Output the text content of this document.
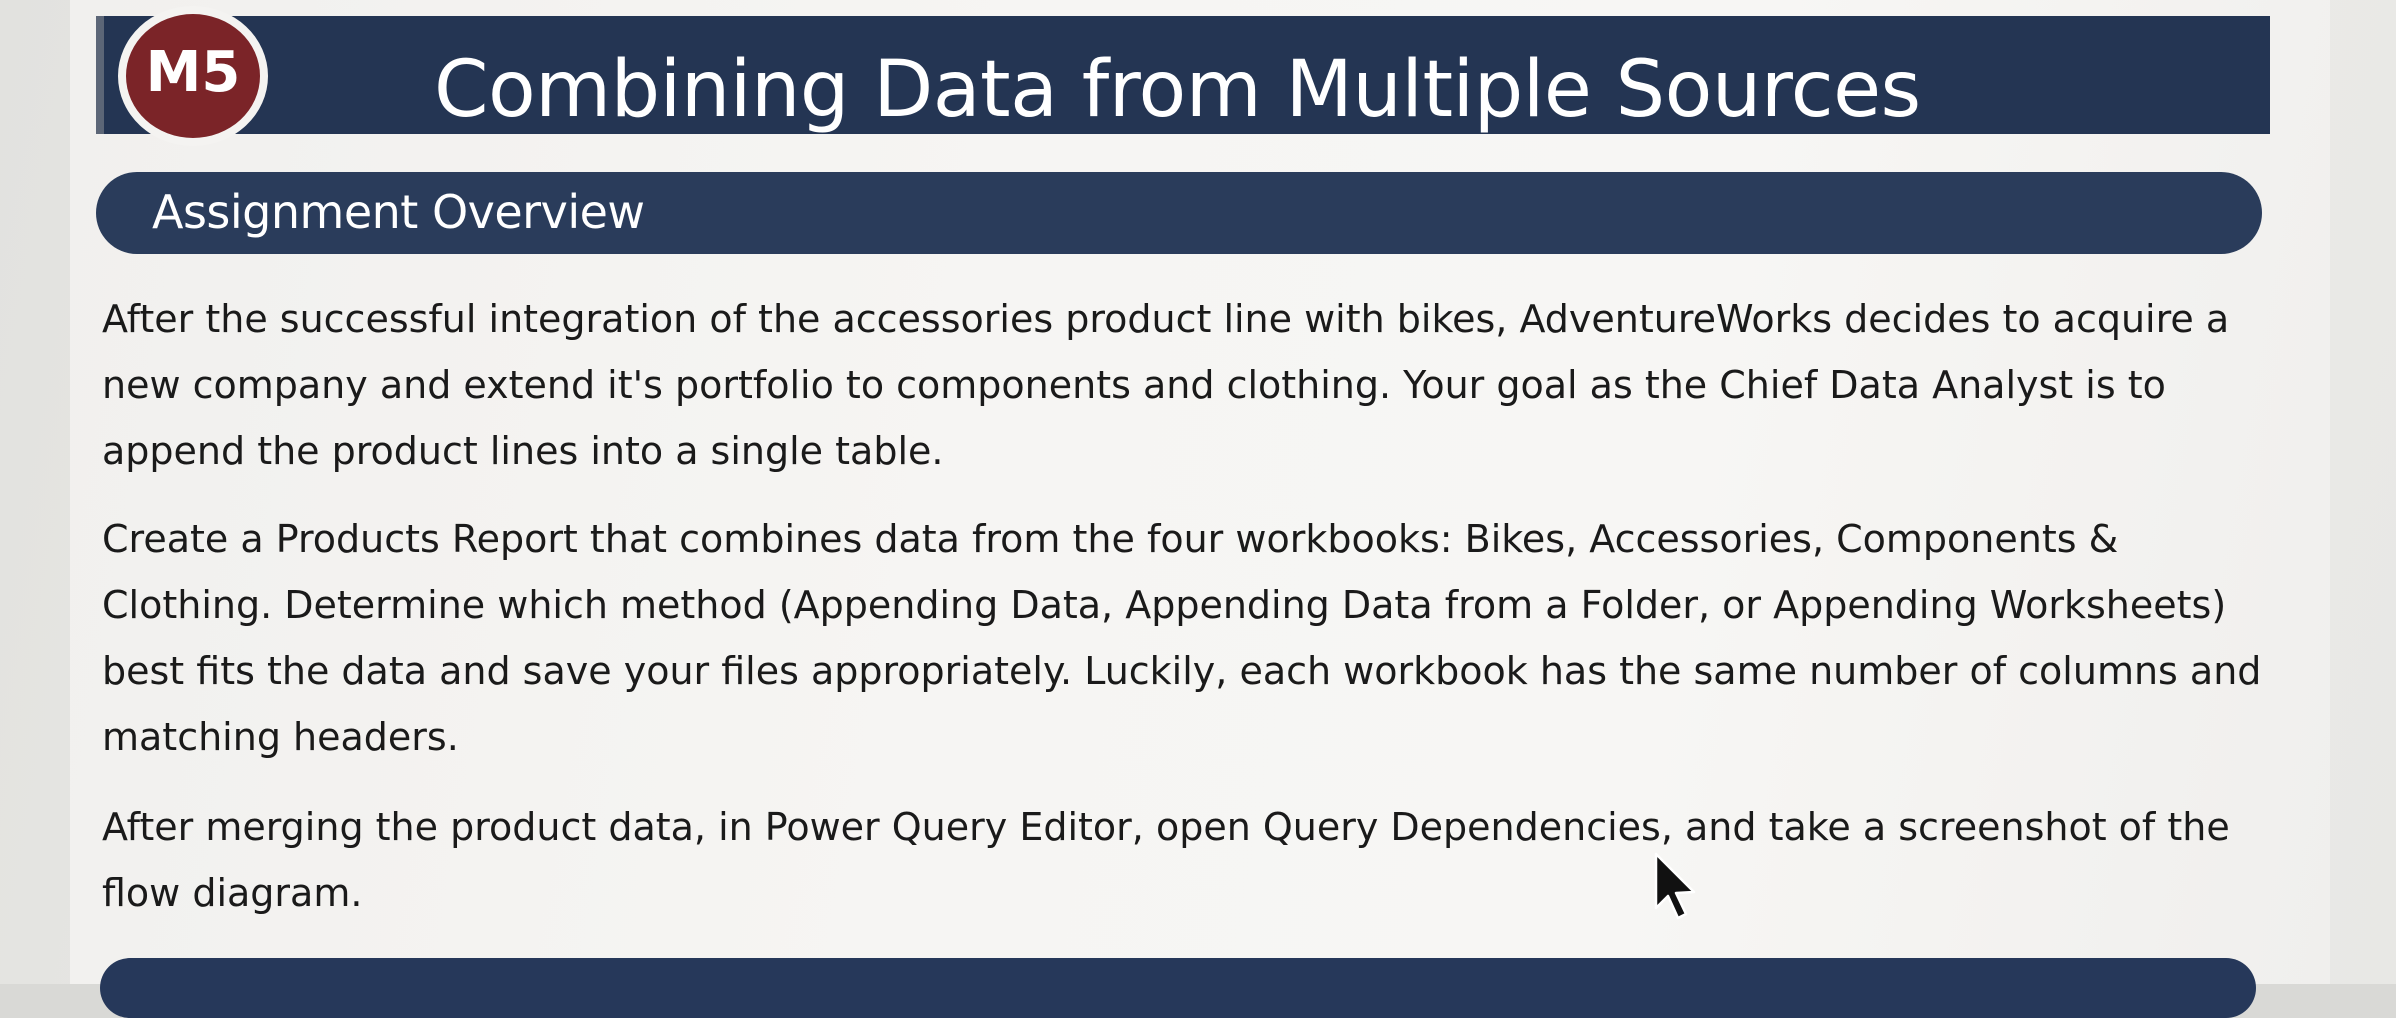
Combining Data from Multiple Sources
M5
Assignment Overview
After the successful integration of the accessories product line with bikes, AdventureWorks decides to acquire a
new company and extend it's portfolio to components and clothing. Your goal as the Chief Data Analyst is to
append the product lines into a single table.
Create a Products Report that combines data from the four workbooks: Bikes, Accessories, Components &
Clothing. Determine which method (Appending Data, Appending Data from a Folder, or Appending Worksheets)
best fits the data and save your files appropriately. Luckily, each workbook has the same number of columns and
matching headers.
After merging the product data, in Power Query Editor, open Query Dependencies, and take a screenshot of the
flow diagram.
